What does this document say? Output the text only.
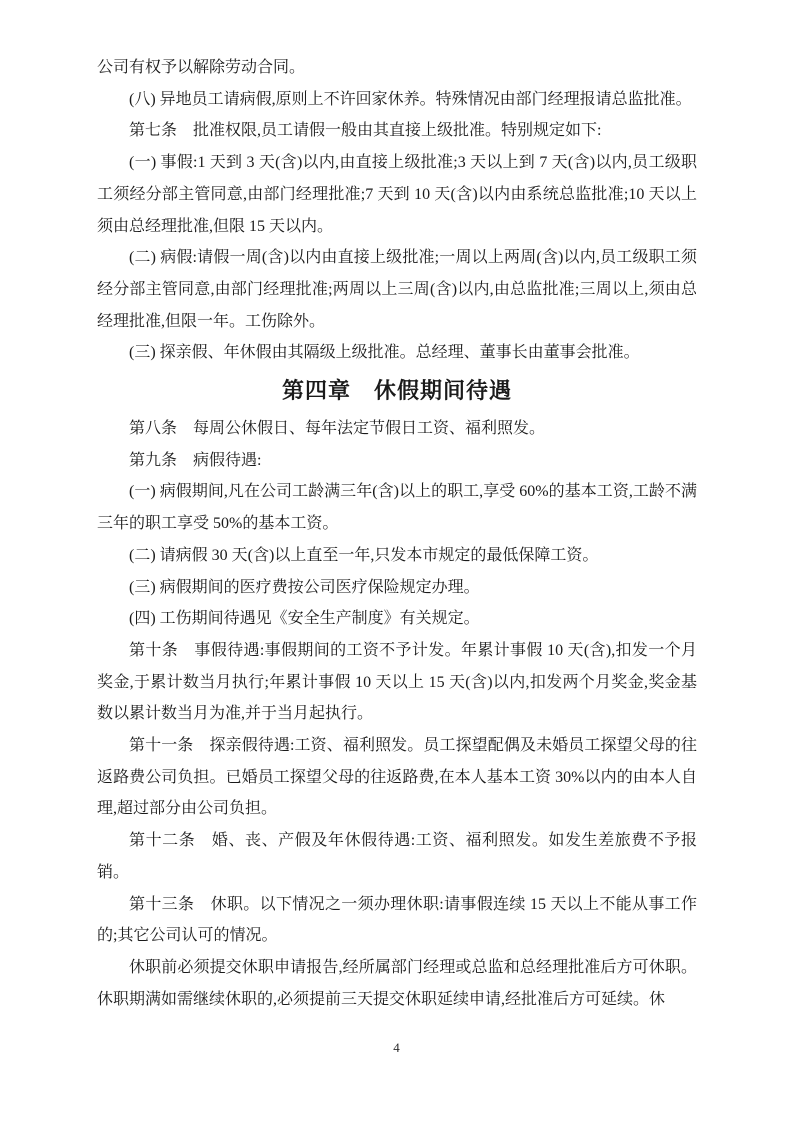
公司有权予以解除劳动合同。

(八) 异地员工请病假,原则上不许回家休养。特殊情况由部门经理报请总监批准。

第七条　批准权限,员工请假一般由其直接上级批准。特别规定如下:

(一) 事假:1 天到 3 天(含)以内,由直接上级批准;3 天以上到 7 天(含)以内,员工级职工须经分部主管同意,由部门经理批准;7 天到 10 天(含)以内由系统总监批准;10 天以上须由总经理批准,但限 15 天以内。

(二) 病假:请假一周(含)以内由直接上级批准;一周以上两周(含)以内,员工级职工须经分部主管同意,由部门经理批准;两周以上三周(含)以内,由总监批准;三周以上,须由总经理批准,但限一年。工伤除外。

(三) 探亲假、年休假由其隔级上级批准。总经理、董事长由董事会批准。

第四章　休假期间待遇

第八条　每周公休假日、每年法定节假日工资、福利照发。

第九条　病假待遇:

(一) 病假期间,凡在公司工龄满三年(含)以上的职工,享受 60%的基本工资,工龄不满三年的职工享受 50%的基本工资。

(二) 请病假 30 天(含)以上直至一年,只发本市规定的最低保障工资。

(三) 病假期间的医疗费按公司医疗保险规定办理。

(四) 工伤期间待遇见《安全生产制度》有关规定。

第十条　事假待遇:事假期间的工资不予计发。年累计事假 10 天(含),扣发一个月奖金,于累计数当月执行;年累计事假 10 天以上 15 天(含)以内,扣发两个月奖金,奖金基数以累计数当月为准,并于当月起执行。

第十一条　探亲假待遇:工资、福利照发。员工探望配偶及未婚员工探望父母的往返路费公司负担。已婚员工探望父母的往返路费,在本人基本工资 30%以内的由本人自理,超过部分由公司负担。

第十二条　婚、丧、产假及年休假待遇:工资、福利照发。如发生差旅费不予报销。

第十三条　休职。以下情况之一须办理休职:请事假连续 15 天以上不能从事工作的;其它公司认可的情况。

休职前必须提交休职申请报告,经所属部门经理或总监和总经理批准后方可休职。休职期满如需继续休职的,必须提前三天提交休职延续申请,经批准后方可延续。休

4
